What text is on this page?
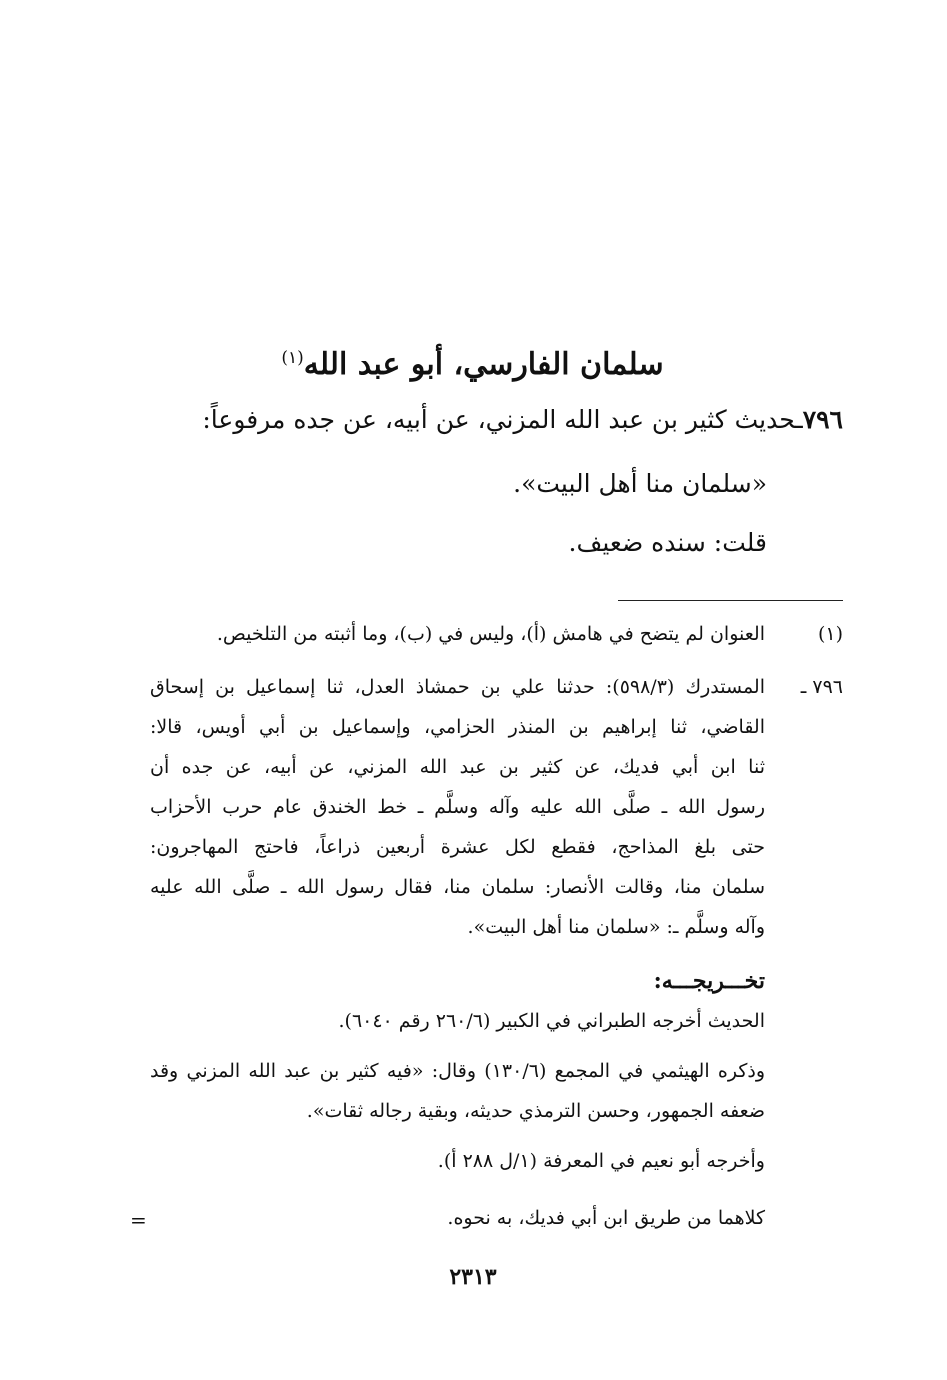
سلمان الفارسي، أبو عبد الله$^{(١)}$
٧٩٦ـحديث كثير بن عبد الله المزني، عن أبيه، عن جده مرفوعاً:
«سلمان منا أهل البيت».
قلت: سنده ضعيف.
(١)
العنوان لم يتضح في هامش (أ)، وليس في (ب)، وما أثبته من التلخيص.
٧٩٦ ـ
المستدرك (٥٩٨/٣): حدثنا علي بن حمشاذ العدل، ثنا إسماعيل بن إسحاق
القاضي، ثنا إبراهيم بن المنذر الحزامي، وإسماعيل بن أبي أويس، قالا:
ثنا ابن أبي فديك، عن كثير بن عبد الله المزني، عن أبيه، عن جده أن
رسول الله ـ صلَّى الله عليه وآله وسلَّم ـ خط الخندق عام حرب الأحزاب
حتى بلغ المذاحج، فقطع لكل عشرة أربعين ذراعاً، فاحتج المهاجرون:
سلمان منا، وقالت الأنصار: سلمان منا، فقال رسول الله ـ صلَّى الله عليه
وآله وسلَّم ـ: «سلمان منا أهل البيت».
تخـــريجـــه:
الحديث أخرجه الطبراني في الكبير (٢٦٠/٦ رقم ٦٠٤٠).
وذكره الهيثمي في المجمع (١٣٠/٦) وقال: «فيه كثير بن عبد الله المزني وقد
ضعفه الجمهور، وحسن الترمذي حديثه، وبقية رجاله ثقات».
وأخرجه أبو نعيم في المعرفة (١/ل ٢٨٨ أ).
كلاهما من طريق ابن أبي فديك، به نحوه.
=
٢٣١٣
